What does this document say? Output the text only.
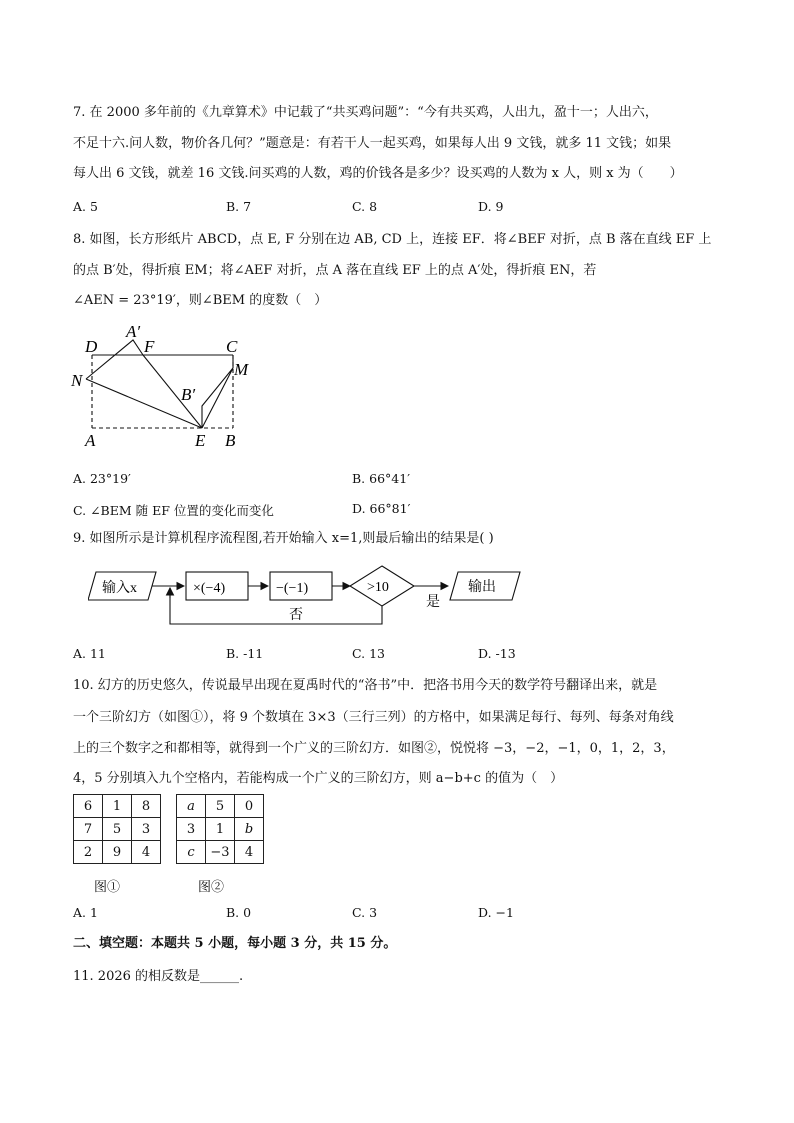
7. 在 2000 多年前的《九章算术》中记载了“共买鸡问题”：“今有共买鸡，人出九，盈十一；人出六，
不足十六.问人数，物价各几何？”题意是：有若干人一起买鸡，如果每人出 9 文钱，就多 11 文钱；如果
每人出 6 文钱，就差 16 文钱.问买鸡的人数，鸡的价钱各是多少？设买鸡的人数为 x 人，则 x 为（　　）
A. 5	B. 7	C. 8	D. 9
8. 如图，长方形纸片 ABCD，点 E, F 分别在边 AB, CD 上，连接 EF．将∠BEF 对折，点 B 落在直线 EF 上
的点 B′处，得折痕 EM；将∠AEF 对折，点 A 落在直线 EF 上的点 A′处，得折痕 EN，若
∠AEN = 23°19′，则∠BEM 的度数（　）
D
A′
F	C
M
N
B′
A	E B
A. 23°19′	B. 66°41′
C. ∠BEM 随 EF 位置的变化而变化	D. 66°81′
9. 如图所示是计算机程序流程图,若开始输入 x=1,则最后输出的结果是( )
输入x	×(−4)	−(−1)	>10	输出
是
否
A. 11	B. -11	C. 13	D. -13
10. 幻方的历史悠久，传说最早出现在夏禹时代的“洛书”中．把洛书用今天的数学符号翻译出来，就是
一个三阶幻方（如图①），将 9 个数填在 3×3（三行三列）的方格中，如果满足每行、每列、每条对角线
上的三个数字之和都相等，就得到一个广义的三阶幻方．如图②，悦悦将 −3，−2，−1，0，1，2，3，
4，5 分别填入九个空格内，若能构成一个广义的三阶幻方，则 a−b+c 的值为（　）
6	1	8
7	5	3
2	9	4
图①
a	5	0
3	1	b
c	−3	4
图②
A. 1	B. 0	C. 3	D. −1
二、填空题：本题共 5 小题，每小题 3 分，共 15 分。
11. 2026 的相反数是______.
